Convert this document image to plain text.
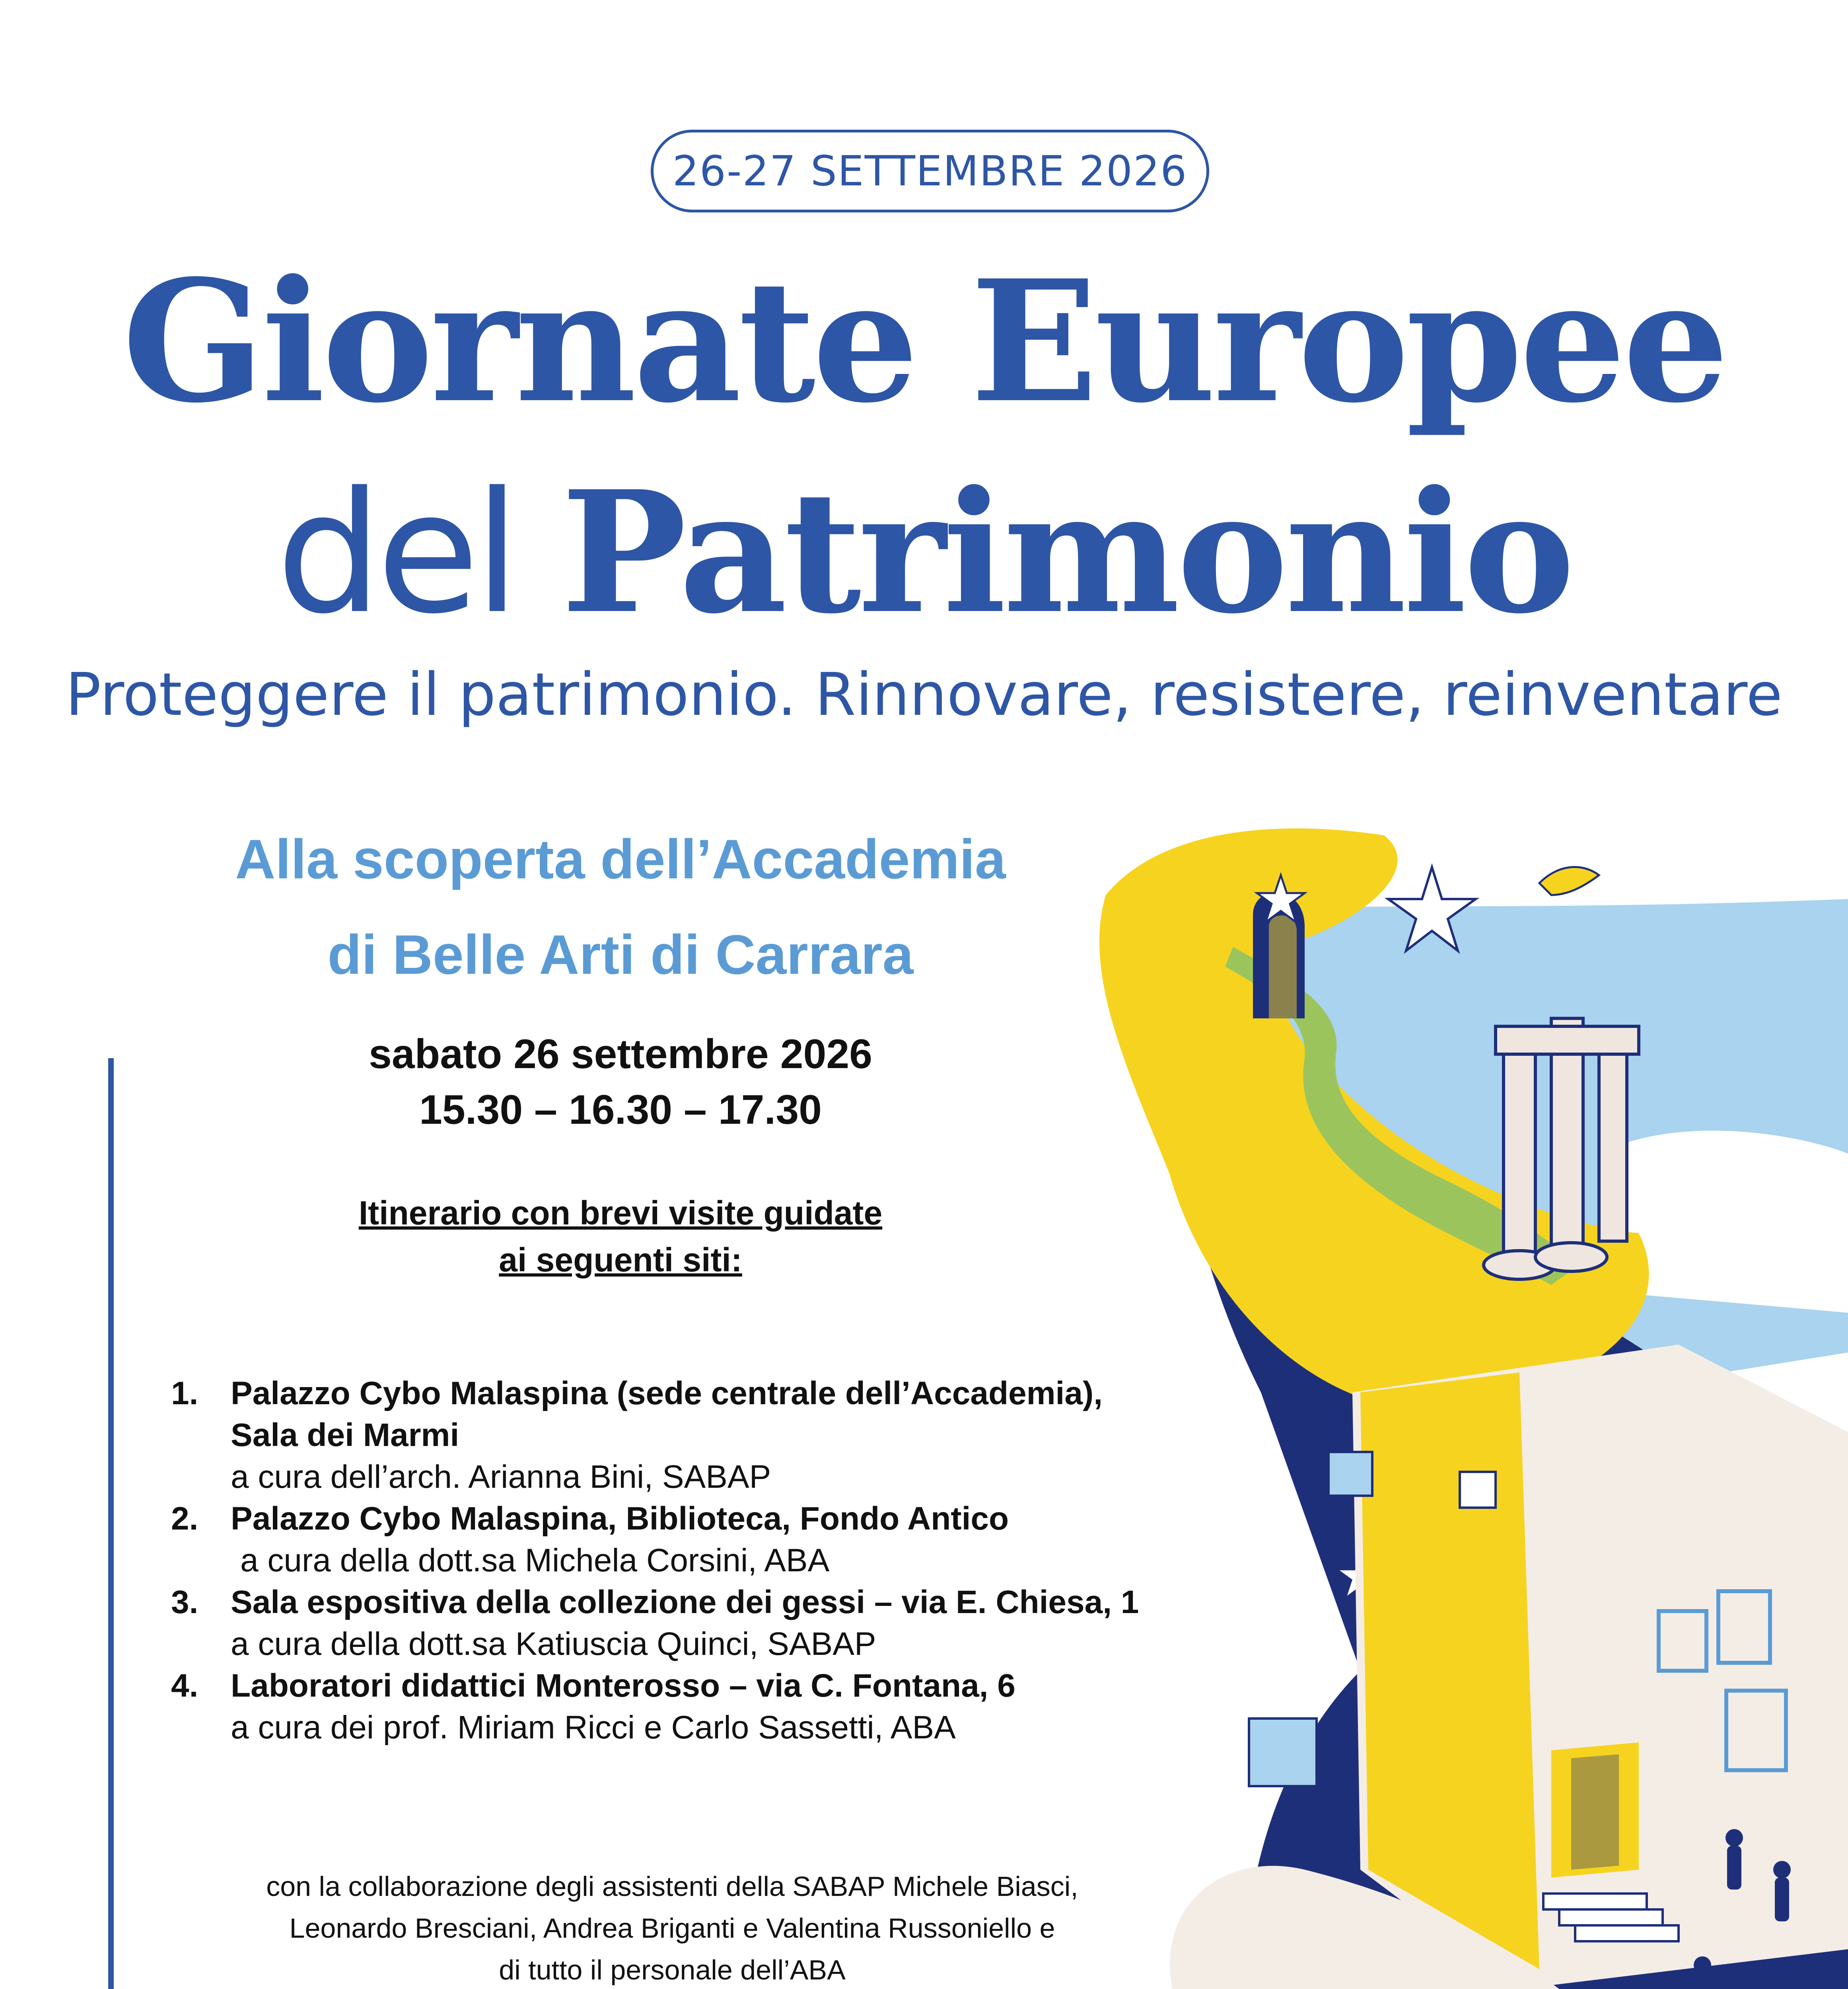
26-27 SETTEMBRE 2026
Giornate Europee
del Patrimonio
Proteggere il patrimonio. Rinnovare, resistere, reinventare
Alla scoperta dell’Accademia
di Belle Arti di Carrara
sabato 26 settembre 2026
15.30 – 16.30 – 17.30
Itinerario con brevi visite guidate
ai seguenti siti:
1. Palazzo Cybo Malaspina (sede centrale dell’Accademia),
Sala dei Marmi
a cura dell’arch. Arianna Bini, SABAP
2. Palazzo Cybo Malaspina, Biblioteca, Fondo Antico
a cura della dott.sa Michela Corsini, ABA
3. Sala espositiva della collezione dei gessi – via E. Chiesa, 1
a cura della dott.sa Katiuscia Quinci, SABAP
4. Laboratori didattici Monterosso – via C. Fontana, 6
a cura dei prof. Miriam Ricci e Carlo Sassetti, ABA
con la collaborazione degli assistenti della SABAP Michele Biasci,
Leonardo Bresciani, Andrea Briganti e Valentina Russoniello e
di tutto il personale dell’ABA
